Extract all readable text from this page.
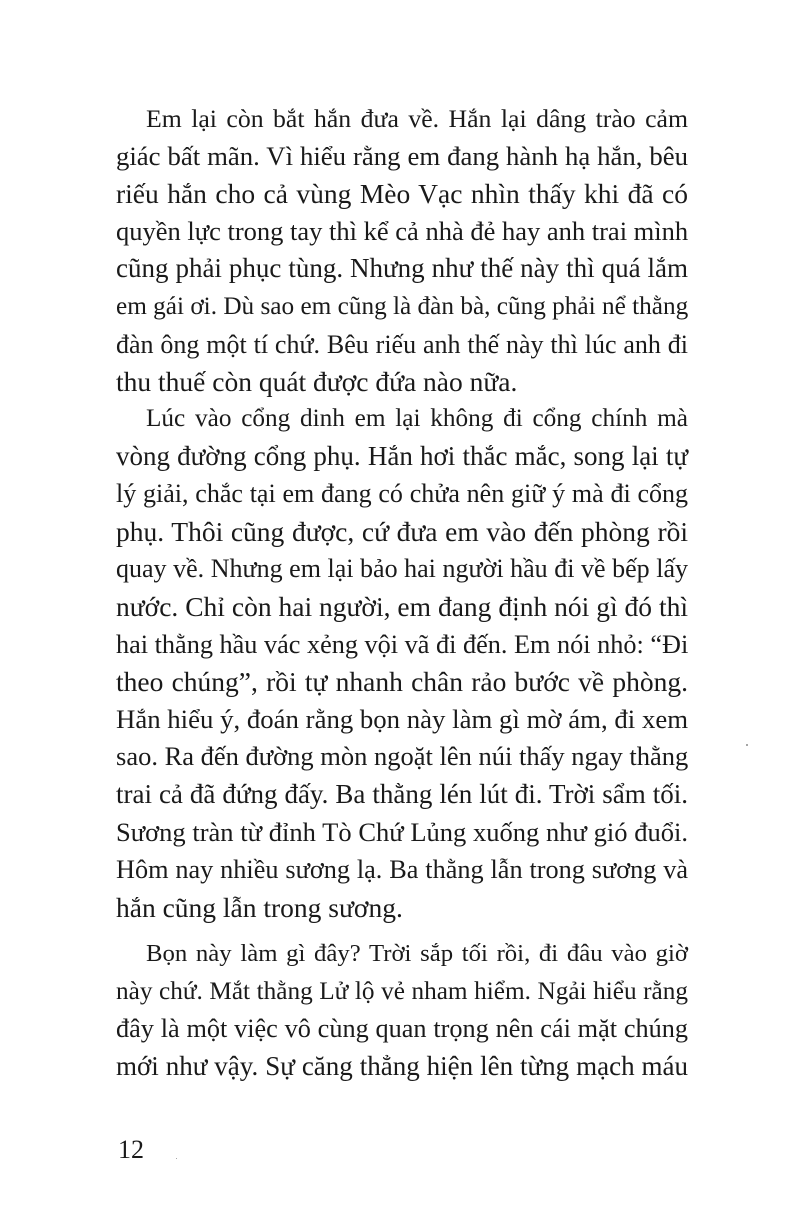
Em lại còn bắt hắn đưa về. Hắn lại dâng trào cảm
giác bất mãn. Vì hiểu rằng em đang hành hạ hắn, bêu
riếu hắn cho cả vùng Mèo Vạc nhìn thấy khi đã có
quyền lực trong tay thì kể cả nhà đẻ hay anh trai mình
cũng phải phục tùng. Nhưng như thế này thì quá lắm
em gái ơi. Dù sao em cũng là đàn bà, cũng phải nể thằng
đàn ông một tí chứ. Bêu riếu anh thế này thì lúc anh đi
thu thuế còn quát được đứa nào nữa.
Lúc vào cổng dinh em lại không đi cổng chính mà
vòng đường cổng phụ. Hắn hơi thắc mắc, song lại tự
lý giải, chắc tại em đang có chửa nên giữ ý mà đi cổng
phụ. Thôi cũng được, cứ đưa em vào đến phòng rồi
quay về. Nhưng em lại bảo hai người hầu đi về bếp lấy
nước. Chỉ còn hai người, em đang định nói gì đó thì
hai thằng hầu vác xẻng vội vã đi đến. Em nói nhỏ: “Đi
theo chúng”, rồi tự nhanh chân rảo bước về phòng.
Hắn hiểu ý, đoán rằng bọn này làm gì mờ ám, đi xem
sao. Ra đến đường mòn ngoặt lên núi thấy ngay thằng
trai cả đã đứng đấy. Ba thằng lén lút đi. Trời sẩm tối.
Sương tràn từ đỉnh Tò Chứ Lủng xuống như gió đuổi.
Hôm nay nhiều sương lạ. Ba thằng lẫn trong sương và
hắn cũng lẫn trong sương.
Bọn này làm gì đây? Trời sắp tối rồi, đi đâu vào giờ
này chứ. Mắt thằng Lử lộ vẻ nham hiểm. Ngải hiểu rằng
đây là một việc vô cùng quan trọng nên cái mặt chúng
mới như vậy. Sự căng thẳng hiện lên từng mạch máu
12
